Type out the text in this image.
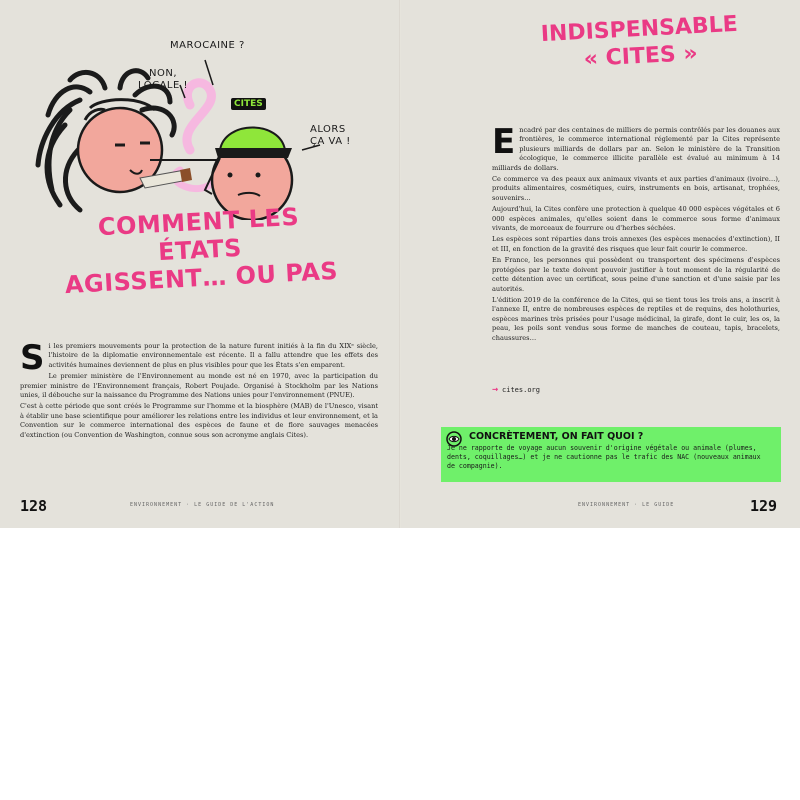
NON,
LOCALE !
MAROCAINE ?
ALORS
ÇA VA !
CITES
COMMENT LES ÉTATS
AGISSENT… OU PAS

Si les premiers mouvements pour la protection de la nature furent initiés à la fin du XIXᵉ siècle, l'histoire de la diplomatie environnementale est récente. Il a fallu attendre que les effets des activités humaines deviennent de plus en plus visibles pour que les États s'en emparent.

Le premier ministère de l'Environnement au monde est né en 1970, avec la participation du premier ministre de l'Environnement français, Robert Poujade. Organisé à Stockholm par les Nations unies, il débouche sur la naissance du Programme des Nations unies pour l'environnement (PNUE).

C'est à cette période que sont créés le Programme sur l'homme et la biosphère (MAB) de l'Unesco, visant à établir une base scientifique pour améliorer les relations entre les individus et leur environnement, et la Convention sur le commerce international des espèces de faune et de flore sauvages menacées d'extinction (ou Convention de Washington, connue sous son acronyme anglais Cites).

128	ENVIRONNEMENT · LE GUIDE DE L'ACTION
INDISPENSABLE
« CITES »

Encadré par des centaines de milliers de permis contrôlés par les douanes aux frontières, le commerce international réglementé par la Cites représente plusieurs milliards de dollars par an. Selon le ministère de la Transition écologique, le commerce illicite parallèle est évalué au minimum à 14 milliards de dollars.

Ce commerce va des peaux aux animaux vivants et aux parties d'animaux (ivoire…), produits alimentaires, cosmétiques, cuirs, instruments en bois, artisanat, trophées, souvenirs…

Aujourd'hui, la Cites confère une protection à quelque 40 000 espèces végétales et 6 000 espèces animales, qu'elles soient dans le commerce sous forme d'animaux vivants, de morceaux de fourrure ou d'herbes séchées.

Les espèces sont réparties dans trois annexes (les espèces menacées d'extinction), II et III, en fonction de la gravité des risques que leur fait courir le commerce.

En France, les personnes qui possèdent ou transportent des spécimens d'espèces protégées par le texte doivent pouvoir justifier à tout moment de la régularité de cette détention avec un certificat, sous peine d'une sanction et d'une saisie par les autorités.

L'édition 2019 de la conférence de la Cites, qui se tient tous les trois ans, a inscrit à l'annexe II, entre de nombreuses espèces de reptiles et de requins, des holothuries, espèces marines très prisées pour l'usage médicinal, la girafe, dont le cuir, les os, la peau, les poils sont vendus sous forme de manches de couteau, tapis, bracelets, chaussures…

→ cites.org
CONCRÈTEMENT, ON FAIT QUOI ?
Je ne rapporte de voyage aucun souvenir d'origine végétale ou animale (plumes, dents, coquillages…) et je ne cautionne pas le trafic des NAC (nouveaux animaux de compagnie).
ENVIRONNEMENT · LE GUIDE	129
